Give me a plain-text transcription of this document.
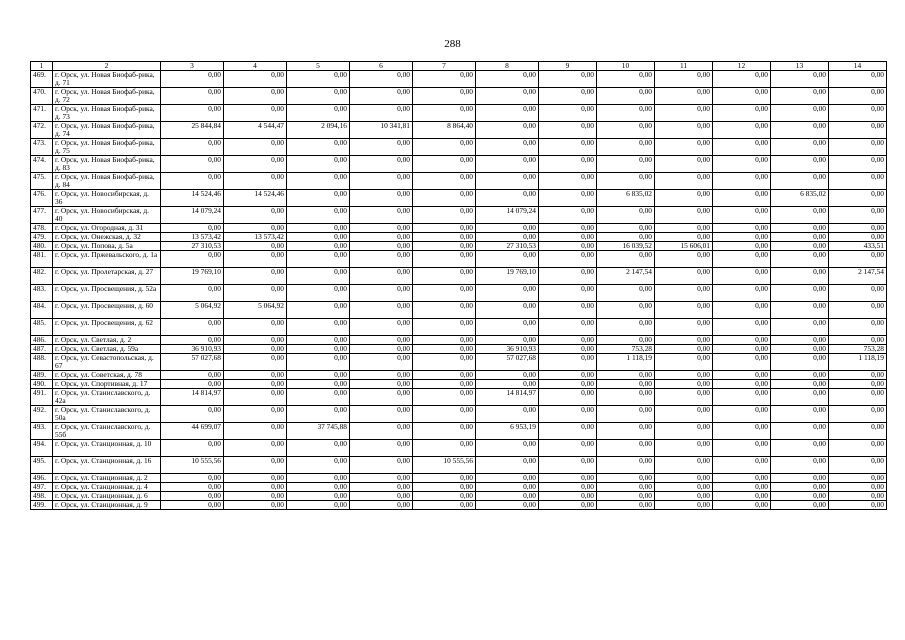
288
1	2	3	4	5	6	7	8	9	10	11	12	13	14
469.	г. Орск, ул. Новая Биофаб-рика, д. 71	0,00	0,00	0,00	0,00	0,00	0,00	0,00	0,00	0,00	0,00	0,00	0,00
470.	г. Орск, ул. Новая Биофаб-рика, д. 72	0,00	0,00	0,00	0,00	0,00	0,00	0,00	0,00	0,00	0,00	0,00	0,00
471.	г. Орск, ул. Новая Биофаб-рика, д. 73	0,00	0,00	0,00	0,00	0,00	0,00	0,00	0,00	0,00	0,00	0,00	0,00
472.	г. Орск, ул. Новая Биофаб-рика, д. 74	25 844,84	4 544,47	2 094,16	10 341,81	8 864,40	0,00	0,00	0,00	0,00	0,00	0,00	0,00
473.	г. Орск, ул. Новая Биофаб-рика, д. 75	0,00	0,00	0,00	0,00	0,00	0,00	0,00	0,00	0,00	0,00	0,00	0,00
474.	г. Орск, ул. Новая Биофаб-рика, д. 83	0,00	0,00	0,00	0,00	0,00	0,00	0,00	0,00	0,00	0,00	0,00	0,00
475.	г. Орск, ул. Новая Биофаб-рика, д. 84	0,00	0,00	0,00	0,00	0,00	0,00	0,00	0,00	0,00	0,00	0,00	0,00
476.	г. Орск, ул. Новосибирская, д. 36	14 524,46	14 524,46	0,00	0,00	0,00	0,00	0,00	6 835,02	0,00	0,00	6 835,02	0,00
477.	г. Орск, ул. Новосибирская, д. 40	14 079,24	0,00	0,00	0,00	0,00	14 079,24	0,00	0,00	0,00	0,00	0,00	0,00
478.	г. Орск, ул. Огородная, д. 31	0,00	0,00	0,00	0,00	0,00	0,00	0,00	0,00	0,00	0,00	0,00	0,00
479.	г. Орск, ул. Онежская, д. 32	13 573,42	13 573,42	0,00	0,00	0,00	0,00	0,00	0,00	0,00	0,00	0,00	0,00
480.	г. Орск, ул. Попова, д. 5а	27 310,53	0,00	0,00	0,00	0,00	27 310,53	0,00	16 039,52	15 606,01	0,00	0,00	433,51
481.	г. Орск, ул. Пржевальского, д. 1а	0,00	0,00	0,00	0,00	0,00	0,00	0,00	0,00	0,00	0,00	0,00	0,00
482.	г. Орск, ул. Пролетарская, д. 27	19 769,10	0,00	0,00	0,00	0,00	19 769,10	0,00	2 147,54	0,00	0,00	0,00	2 147,54
483.	г. Орск, ул. Просвещения, д. 52а	0,00	0,00	0,00	0,00	0,00	0,00	0,00	0,00	0,00	0,00	0,00	0,00
484.	г. Орск, ул. Просвещения, д. 60	5 064,92	5 064,92	0,00	0,00	0,00	0,00	0,00	0,00	0,00	0,00	0,00	0,00
485.	г. Орск, ул. Просвещения, д. 62	0,00	0,00	0,00	0,00	0,00	0,00	0,00	0,00	0,00	0,00	0,00	0,00
486.	г. Орск, ул. Светлая, д. 2	0,00	0,00	0,00	0,00	0,00	0,00	0,00	0,00	0,00	0,00	0,00	0,00
487.	г. Орск, ул. Светлая, д. 59а	36 910,93	0,00	0,00	0,00	0,00	36 910,93	0,00	753,28	0,00	0,00	0,00	753,28
488.	г. Орск, ул. Севастопольская, д. 67	57 027,68	0,00	0,00	0,00	0,00	57 027,68	0,00	1 118,19	0,00	0,00	0,00	1 118,19
489.	г. Орск, ул. Советская, д. 78	0,00	0,00	0,00	0,00	0,00	0,00	0,00	0,00	0,00	0,00	0,00	0,00
490.	г. Орск, ул. Спортивная, д. 17	0,00	0,00	0,00	0,00	0,00	0,00	0,00	0,00	0,00	0,00	0,00	0,00
491.	г. Орск, ул. Станиславского, д. 42а	14 814,97	0,00	0,00	0,00	0,00	14 814,97	0,00	0,00	0,00	0,00	0,00	0,00
492.	г. Орск, ул. Станиславского, д. 50а	0,00	0,00	0,00	0,00	0,00	0,00	0,00	0,00	0,00	0,00	0,00	0,00
493.	г. Орск, ул. Станиславского, д. 55б	44 699,07	0,00	37 745,88	0,00	0,00	6 953,19	0,00	0,00	0,00	0,00	0,00	0,00
494.	г. Орск, ул. Станционная, д. 10	0,00	0,00	0,00	0,00	0,00	0,00	0,00	0,00	0,00	0,00	0,00	0,00
495.	г. Орск, ул. Станционная, д. 16	10 555,56	0,00	0,00	0,00	10 555,56	0,00	0,00	0,00	0,00	0,00	0,00	0,00
496.	г. Орск, ул. Станционная, д. 2	0,00	0,00	0,00	0,00	0,00	0,00	0,00	0,00	0,00	0,00	0,00	0,00
497.	г. Орск, ул. Станционная, д. 4	0,00	0,00	0,00	0,00	0,00	0,00	0,00	0,00	0,00	0,00	0,00	0,00
498.	г. Орск, ул. Станционная, д. 6	0,00	0,00	0,00	0,00	0,00	0,00	0,00	0,00	0,00	0,00	0,00	0,00
499.	г. Орск, ул. Станционная, д. 9	0,00	0,00	0,00	0,00	0,00	0,00	0,00	0,00	0,00	0,00	0,00	0,00
